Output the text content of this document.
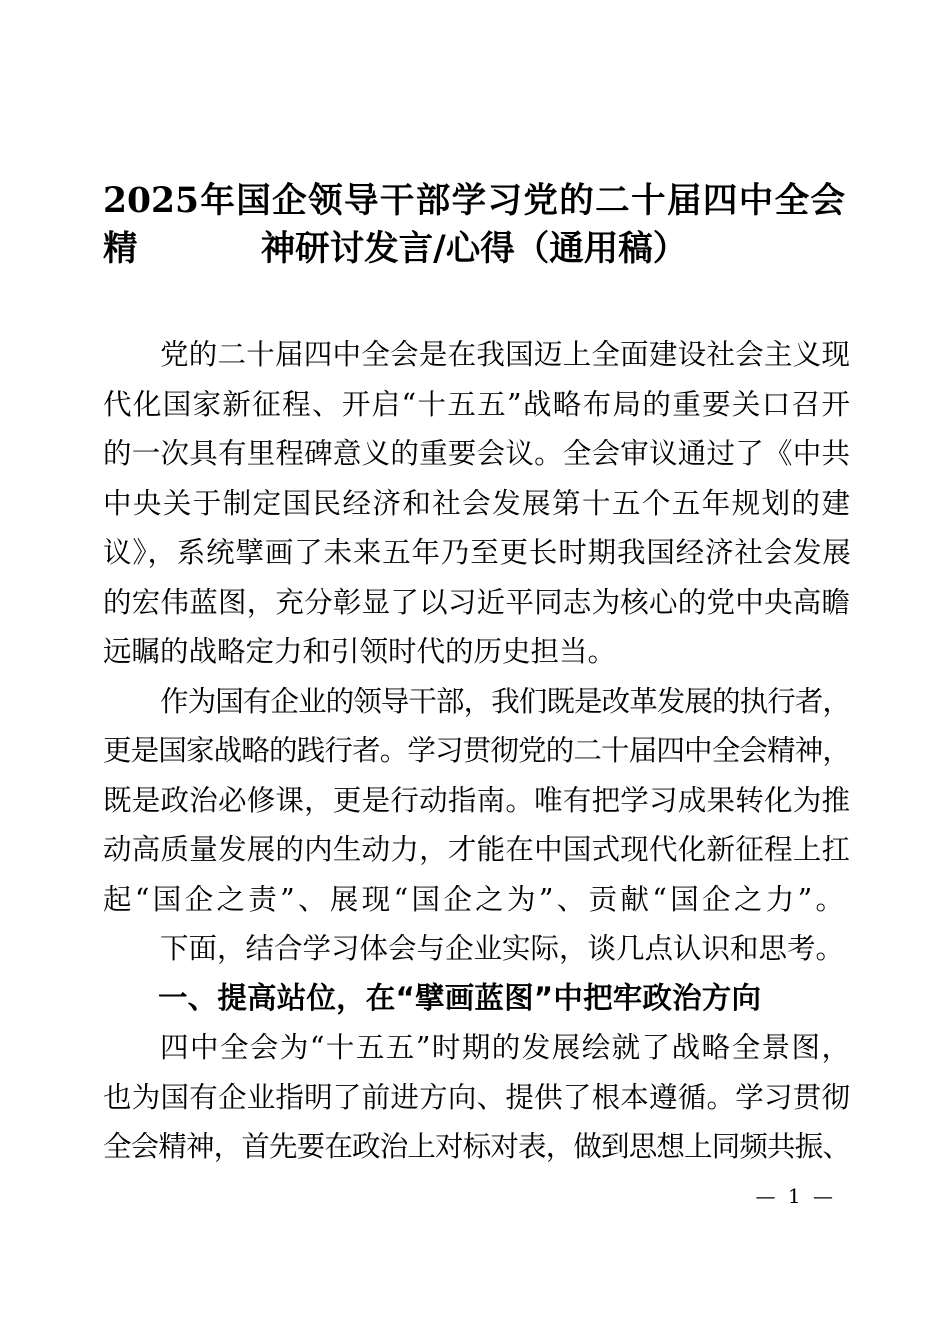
2025年国企领导干部学习党的二十届四中全会精	神研讨发言/心得（通用稿）
党的二十届四中全会是在我国迈上全面建设社会主义现
代化国家新征程、开启“十五五”战略布局的重要关口召开
的一次具有里程碑意义的重要会议。全会审议通过了《中共
中央关于制定国民经济和社会发展第十五个五年规划的建
议》，系统擘画了未来五年乃至更长时期我国经济社会发展
的宏伟蓝图，充分彰显了以习近平同志为核心的党中央高瞻
远瞩的战略定力和引领时代的历史担当。
作为国有企业的领导干部，我们既是改革发展的执行者，
更是国家战略的践行者。学习贯彻党的二十届四中全会精神，
既是政治必修课，更是行动指南。唯有把学习成果转化为推
动高质量发展的内生动力，才能在中国式现代化新征程上扛
起“国企之责”、展现“国企之为”、贡献“国企之力”。
下面，结合学习体会与企业实际，谈几点认识和思考。
一、提高站位，在“擘画蓝图”中把牢政治方向
四中全会为“十五五”时期的发展绘就了战略全景图，
也为国有企业指明了前进方向、提供了根本遵循。学习贯彻
全会精神，首先要在政治上对标对表，做到思想上同频共振、
— 1 —
